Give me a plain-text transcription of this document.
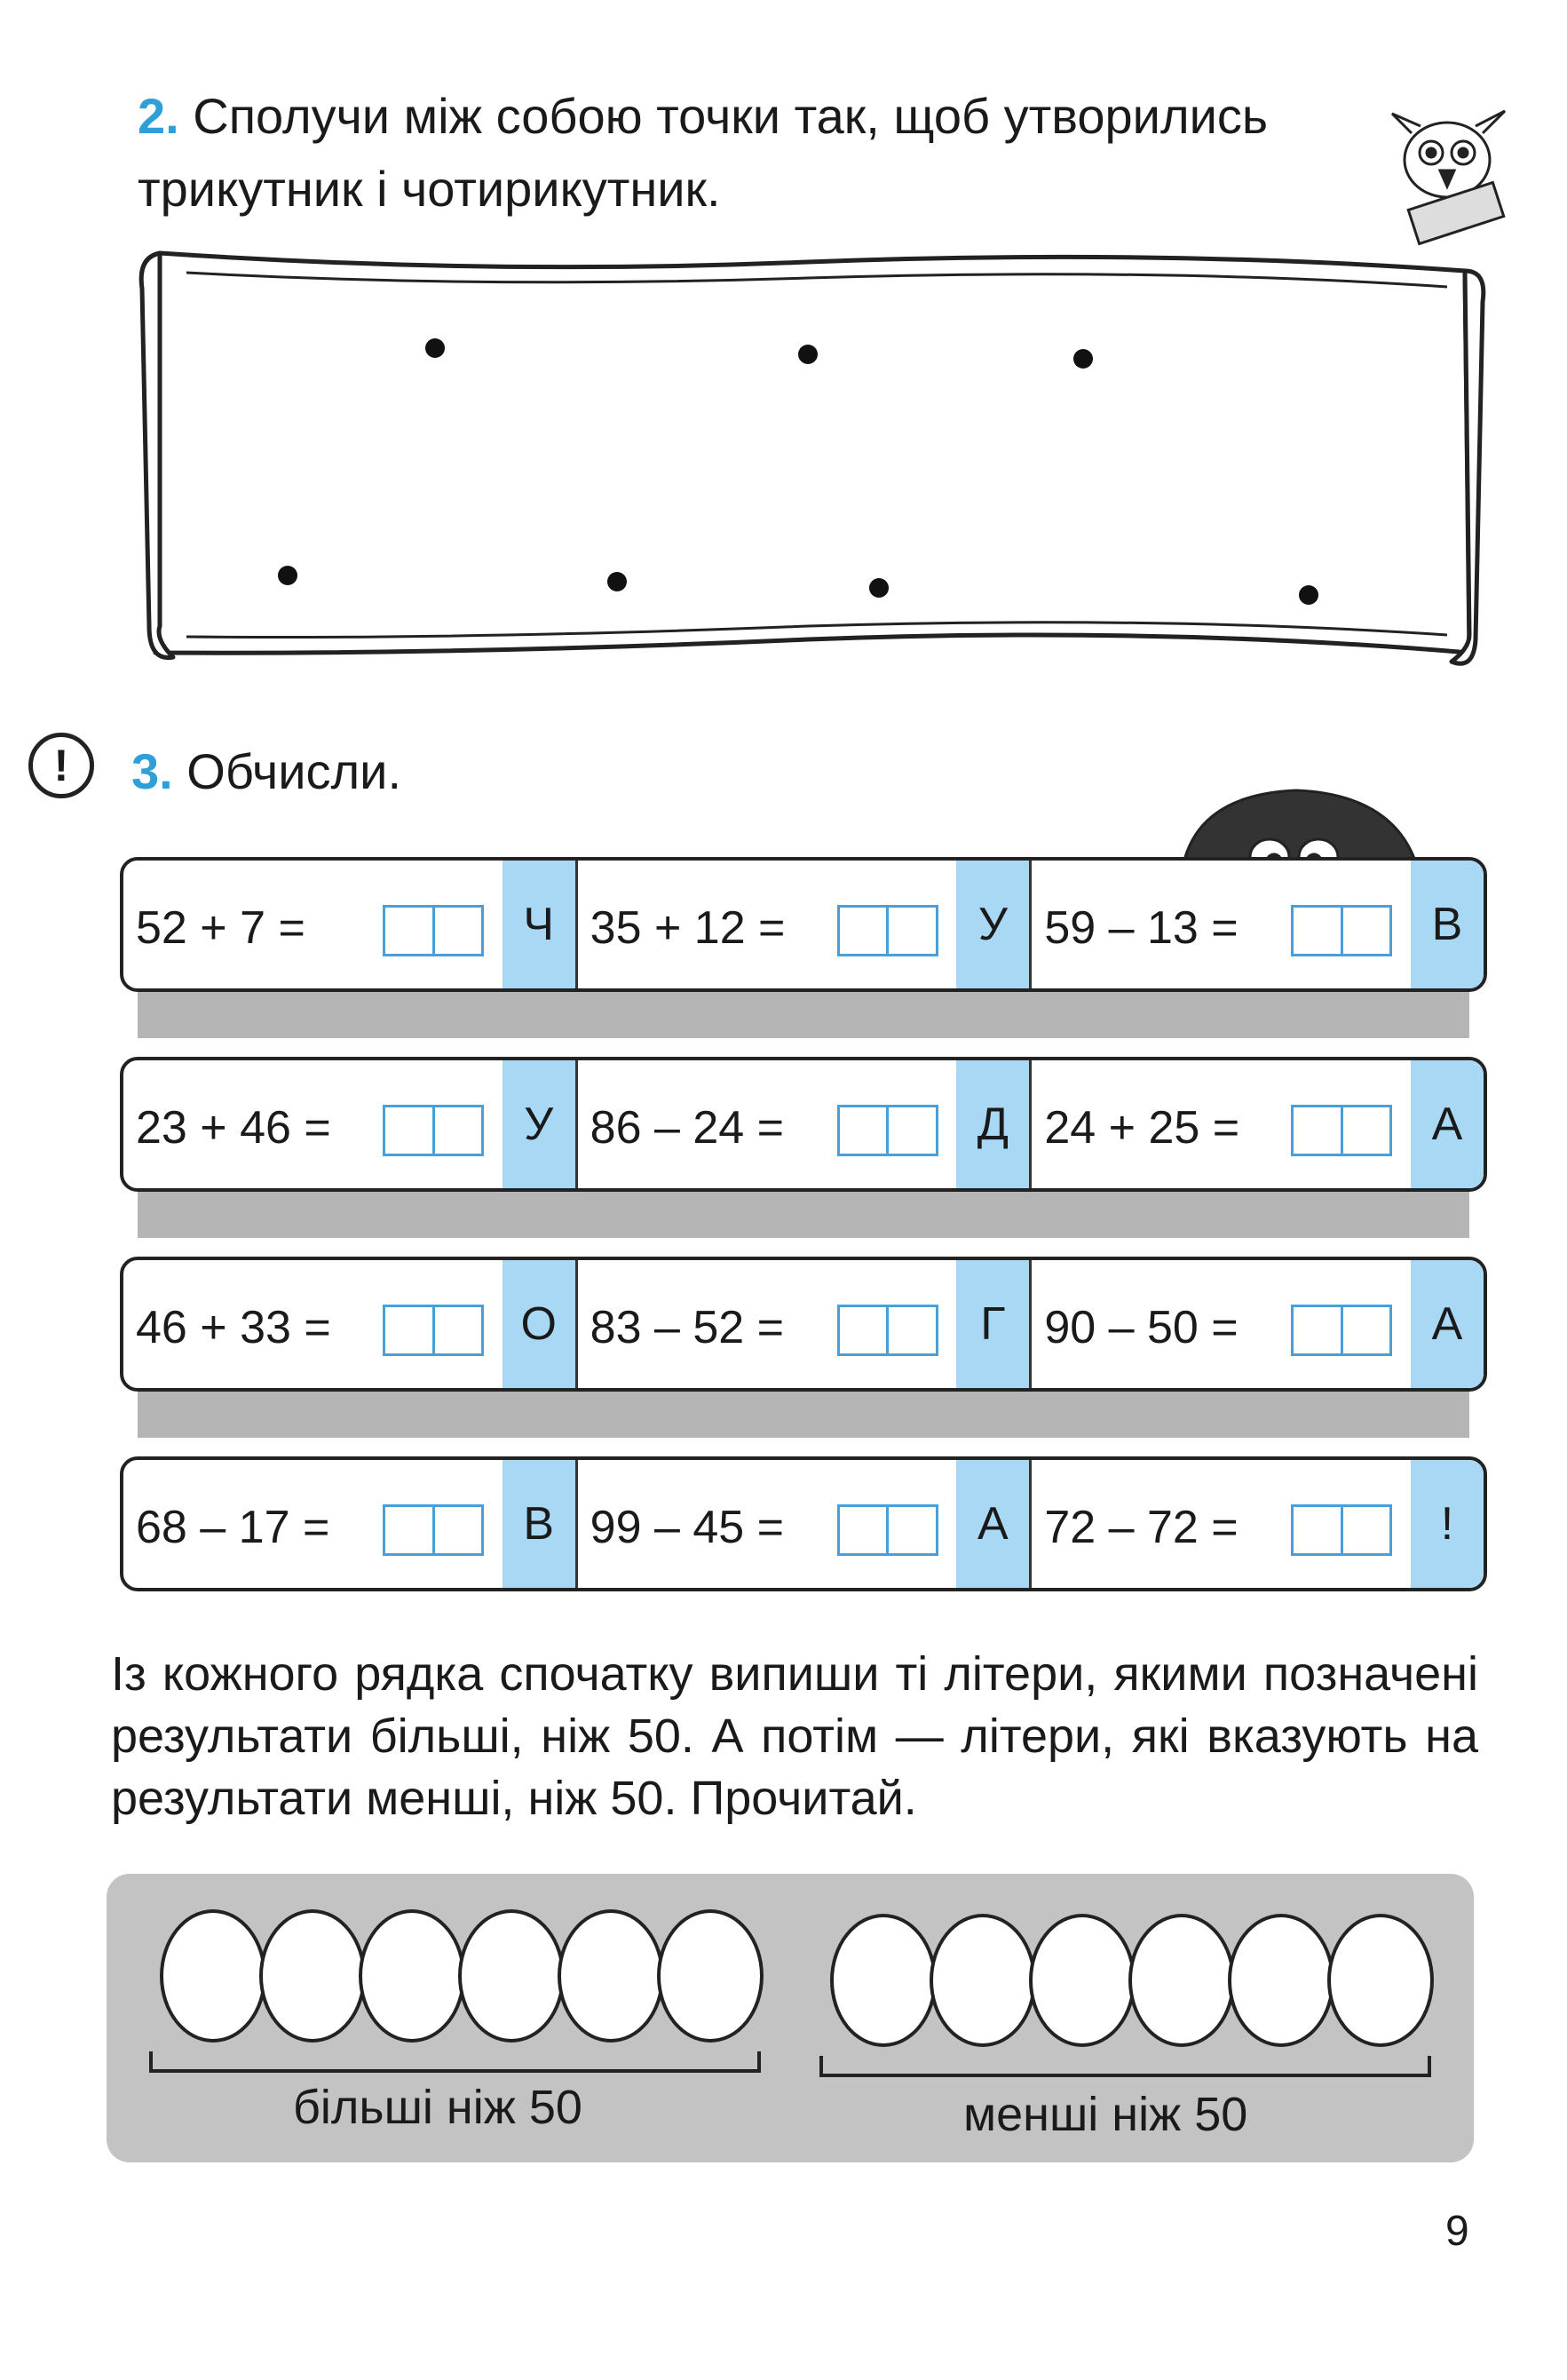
2. Сполучи між собою точки так, щоб утворились трикутник і чотирикутник.
!	3. Обчисли.
52 + 7 =	Ч 35 + 12 =	У 59 – 13 =	В
23 + 46 =	У 86 – 24 =	Д 24 + 25 =	А
46 + 33 =	О 83 – 52 =	Г 90 – 50 =	А
68 – 17 =	В 99 – 45 =	А 72 – 72 =	!
Із кожного рядка спочатку випиши ті літери, якими позначені результати більші, ніж 50. А потім — літери, які вказують на результати менші, ніж 50. Прочитай.
більші ніж 50	менші ніж 50
9
